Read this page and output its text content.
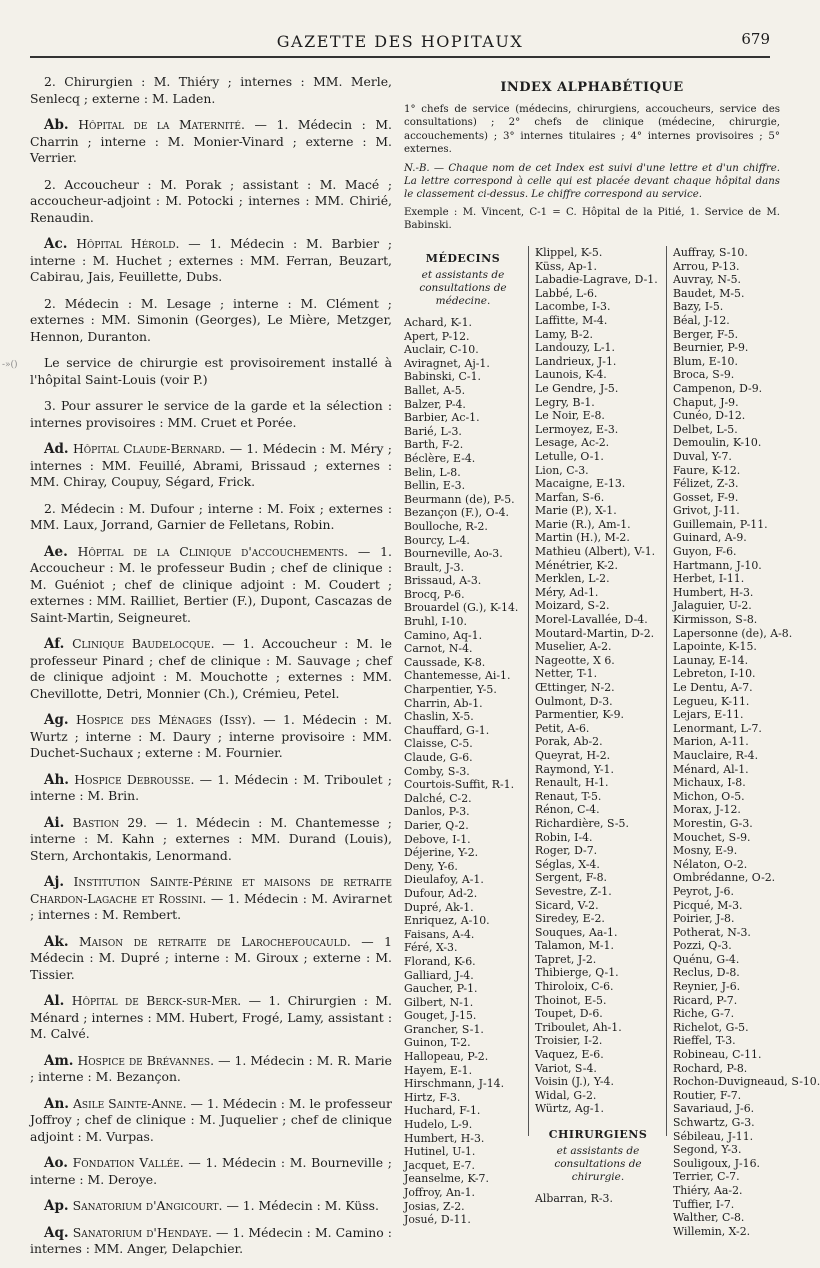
GAZETTE DES HOPITAUX	679
-»()

2. Chirurgien : M. Thiéry ; internes : MM. Merle, Senlecq ; externe : M. Laden.

Ab. Hôpital de la Maternité. — 1. Médecin : M. Charrin ; interne : M. Monier-Vinard ; externe : M. Verrier.

2. Accoucheur : M. Porak ; assistant : M. Macé ; accoucheur-adjoint : M. Potocki ; internes : MM. Chirié, Renaudin.

Ac. Hôpital Hérold. — 1. Médecin : M. Barbier ; interne : M. Huchet ; externes : MM. Ferran, Beuzart, Cabirau, Jais, Feuillette, Dubs.

2. Médecin : M. Lesage ; interne : M. Clément ; externes : MM. Simonin (Georges), Le Mière, Metzger, Hennon, Duranton.

Le service de chirurgie est provisoirement installé à l'hôpital Saint-Louis (voir P.)

3. Pour assurer le service de la garde et la sélection : internes provisoires : MM. Cruet et Porée.

Ad. Hôpital Claude-Bernard. — 1. Médecin : M. Méry ; internes : MM. Feuillé, Abrami, Brissaud ; externes : MM. Chiray, Coupuy, Ségard, Frick.

2. Médecin : M. Dufour ; interne : M. Foix ; externes : MM. Laux, Jorrand, Garnier de Felletans, Robin.

Ae. Hôpital de la Clinique d'accouchements. — 1. Accoucheur : M. le professeur Budin ; chef de clinique : M. Guéniot ; chef de clinique adjoint : M. Coudert ; externes : MM. Railliet, Bertier (F.), Dupont, Cascazas de Saint-Martin, Seigneuret.

Af. Clinique Baudelocque. — 1. Accoucheur : M. le professeur Pinard ; chef de clinique : M. Sauvage ; chef de clinique adjoint : M. Mouchotte ; externes : MM. Chevillotte, Detri, Monnier (Ch.), Crémieu, Petel.

Ag. Hospice des Ménages (Issy). — 1. Médecin : M. Wurtz ; interne : M. Daury ; interne provisoire : MM. Duchet-Suchaux ; externe : M. Fournier.

Ah. Hospice Debrousse. — 1. Médecin : M. Triboulet ; interne : M. Brin.

Ai. Bastion 29. — 1. Médecin : M. Chantemesse ; interne : M. Kahn ; externes : MM. Durand (Louis), Stern, Archontakis, Lenormand.

Aj. Institution Sainte-Périne et maisons de retraite Chardon-Lagache et Rossini. — 1. Médecin : M. Avirагnet ; internes : M. Rembert.

Ak. Maison de retraite de Larochefoucauld. — 1 Médecin : M. Dupré ; interne : M. Giroux ; externe : M. Tissier.

Al. Hôpital de Berck-sur-Mer. — 1. Chirurgien : M. Ménard ; internes : MM. Hubert, Frogé, Lamy, assistant : M. Calvé.

Am. Hospice de Brévannes. — 1. Médecin : M. R. Marie ; interne : M. Bezançon.

An. Asile Sainte-Anne. — 1. Médecin : M. le professeur Joffroy ; chef de clinique : M. Juquelier ; chef de clinique adjoint : M. Vurpas.

Ao. Fondation Vallée. — 1. Médecin : M. Bourneville ; interne : M. Deroye.

Ap. Sanatorium d'Angicourt. — 1. Médecin : M. Küss.

Aq. Sanatorium d'Hendaye. — 1. Médecin : M. Camino : internes : MM. Anger, Delapchier.

INDEX ALPHABÉTIQUE
1° chefs de service (médecins, chirurgiens, accoucheurs, service des consultations) ; 2° chefs de clinique (médecine, chirurgie, accouchements) ; 3° internes titulaires ; 4° internes provisoires ; 5° externes.
N.-B. — Chaque nom de cet Index est suivi d'une lettre et d'un chiffre. La lettre correspond à celle qui est placée devant chaque hôpital dans le classement ci-dessus. Le chiffre correspond au service.
Exemple : M. Vincent, C-1 = C. Hôpital de la Pitié, 1. Service de M. Babinski.
MÉDECINS
et assistants de consultations de médecine.
Achard, K-1.
Apert, P-12.
Auclair, C-10.
Aviragnet, Aj-1.
Babinski, C-1.
Ballet, A-5.
Balzer, P-4.
Barbier, Ac-1.
Barié, L-3.
Barth, F-2.
Béclère, E-4.
Belin, L-8.
Bellin, E-3.
Beurmann (de), P-5.
Bezançon (F.), O-4.
Boulloche, R-2.
Bourcy, L-4.
Bourneville, Ao-3.
Brault, J-3.
Brissaud, A-3.
Brocq, P-6.
Brouardel (G.), K-14.
Bruhl, I-10.
Camino, Aq-1.
Carnot, N-4.
Caussade, K-8.
Chantemesse, Ai-1.
Charpentier, Y-5.
Charrin, Ab-1.
Chaslin, X-5.
Chauffard, G-1.
Claisse, C-5.
Claude, G-6.
Comby, S-3.
Courtois-Suffit, R-1.
Dalché, C-2.
Danlos, P-3.
Darier, Q-2.
Debove, I-1.
Déjerine, Y-2.
Deny, Y-6.
Dieulafoy, A-1.
Dufour, Ad-2.
Dupré, Ak-1.
Enriquez, A-10.
Faisans, A-4.
Féré, X-3.
Florand, K-6.
Galliard, J-4.
Gaucher, P-1.
Gilbert, N-1.
Gouget, J-15.
Grancher, S-1.
Guinon, T-2.
Hallopeau, P-2.
Hayem, E-1.
Hirschmann, J-14.
Hirtz, F-3.
Huchard, F-1.
Hudelo, L-9.
Humbert, H-3.
Hutinel, U-1.
Jacquet, E-7.
Jeanselme, K-7.
Joffroy, An-1.
Josias, Z-2.
Josué, D-11.
Klippel, K-5.
Küss, Ap-1.
Labadie-Lagrave, D-1.
Labbé, L-6.
Lacombe, I-3.
Laffitte, M-4.
Lamy, B-2.
Landouzy, L-1.
Landrieux, J-1.
Launois, K-4.
Le Gendre, J-5.
Legry, B-1.
Le Noir, E-8.
Lermoyez, E-3.
Lesage, Ac-2.
Letulle, O-1.
Lion, C-3.
Macaigne, E-13.
Marfan, S-6.
Marie (P.), X-1.
Marie (R.), Am-1.
Martin (H.), M-2.
Mathieu (Albert), V-1.
Ménétrier, K-2.
Merklen, L-2.
Méry, Ad-1.
Moizard, S-2.
Morel-Lavallée, D-4.
Moutard-Martin, D-2.
Muselier, A-2.
Nageotte, X 6.
Netter, T-1.
Œttinger, N-2.
Oulmont, D-3.
Parmentier, K-9.
Petit, A-6.
Porak, Ab-2.
Queyrat, H-2.
Raymond, Y-1.
Renault, H-1.
Renaut, T-5.
Rénon, C-4.
Richardière, S-5.
Robin, I-4.
Roger, D-7.
Séglas, X-4.
Sergent, F-8.
Sevestre, Z-1.
Sicard, V-2.
Siredey, E-2.
Souques, Aa-1.
Talamon, M-1.
Tapret, J-2.
Thibierge, Q-1.
Thiroloix, C-6.
Thoinot, E-5.
Toupet, D-6.
Triboulet, Ah-1.
Troisier, I-2.
Vaquez, E-6.
Variot, S-4.
Voisin (J.), Y-4.
Widal, G-2.
Würtz, Ag-1.
CHIRURGIENS
et assistants de consultations de chirurgie.
Albarran, R-3.
Auffray, S-10.
Arrou, P-13.
Auvray, N-5.
Baudet, M-5.
Bazy, I-5.
Béal, J-12.
Berger, F-5.
Beurnier, P-9.
Blum, E-10.
Broca, S-9.
Campenon, D-9.
Chaput, J-9.
Cunéo, D-12.
Delbet, L-5.
Demoulin, K-10.
Duval, Y-7.
Faure, K-12.
Félizet, Z-3.
Gosset, F-9.
Grivot, J-11.
Guillemain, P-11.
Guinard, A-9.
Guyon, F-6.
Hartmann, J-10.
Herbet, I-11.
Humbert, H-3.
Jalaguier, U-2.
Kirmisson, S-8.
Lapersonne (de), A-8.
Lapointe, K-15.
Launay, E-14.
Lebreton, I-10.
Le Dentu, A-7.
Legueu, K-11.
Lejars, E-11.
Lenormant, L-7.
Marion, A-11.
Mauclaire, R-4.
Ménard, Al-1.
Michaux, I-8.
Michon, O-5.
Morax, J-12.
Morestin, G-3.
Mouchet, S-9.
Mosny, E-9.
Nélaton, O-2.
Ombrédanne, O-2.
Peyrot, J-6.
Picqué, M-3.
Poirier, J-8.
Potherat, N-3.
Pozzi, Q-3.
Quénu, G-4.
Reclus, D-8.
Reynier, J-6.
Ricard, P-7.
Riche, G-7.
Richelot, G-5.
Rieffel, T-3.
Robineau, C-11.
Rochard, P-8.
Rochon-Duvigneaud, S-10.
Routier, F-7.
Savariaud, J-6.
Schwartz, G-3.
Sébileau, J-11.
Segond, Y-3.
Souligoux, J-16.
Terrier, C-7.
Thiéry, Aa-2.
Tuffier, I-7.
Walther, C-8.
Willemin, X-2.
